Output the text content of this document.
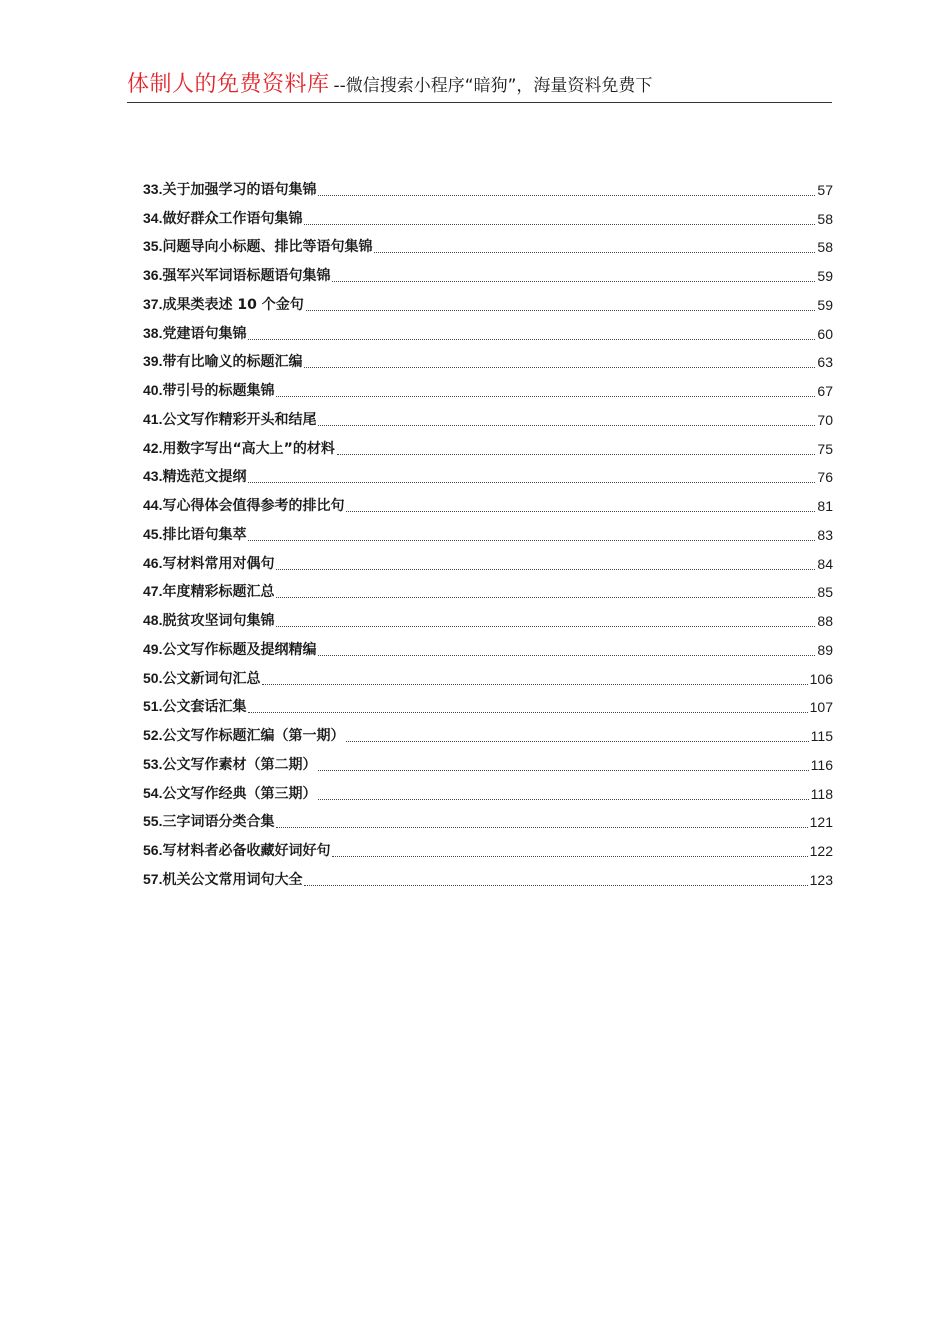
体制人的免费资料库 --微信搜索小程序“暗狗”，海量资料免费下
33.关于加强学习的语句集锦	57
34.做好群众工作语句集锦	58
35.问题导向小标题、排比等语句集锦	58
36.强军兴军词语标题语句集锦	59
37.成果类表述 10 个金句	59
38.党建语句集锦	60
39.带有比喻义的标题汇编	63
40.带引号的标题集锦	67
41.公文写作精彩开头和结尾	70
42.用数字写出“高大上”的材料	75
43.精选范文提纲	76
44.写心得体会值得参考的排比句	81
45.排比语句集萃	83
46.写材料常用对偶句	84
47.年度精彩标题汇总	85
48.脱贫攻坚词句集锦	88
49.公文写作标题及提纲精编	89
50.公文新词句汇总	106
51.公文套话汇集	107
52.公文写作标题汇编（第一期）	115
53.公文写作素材（第二期）	116
54.公文写作经典（第三期）	118
55.三字词语分类合集	121
56.写材料者必备收藏好词好句	122
57.机关公文常用词句大全	123
